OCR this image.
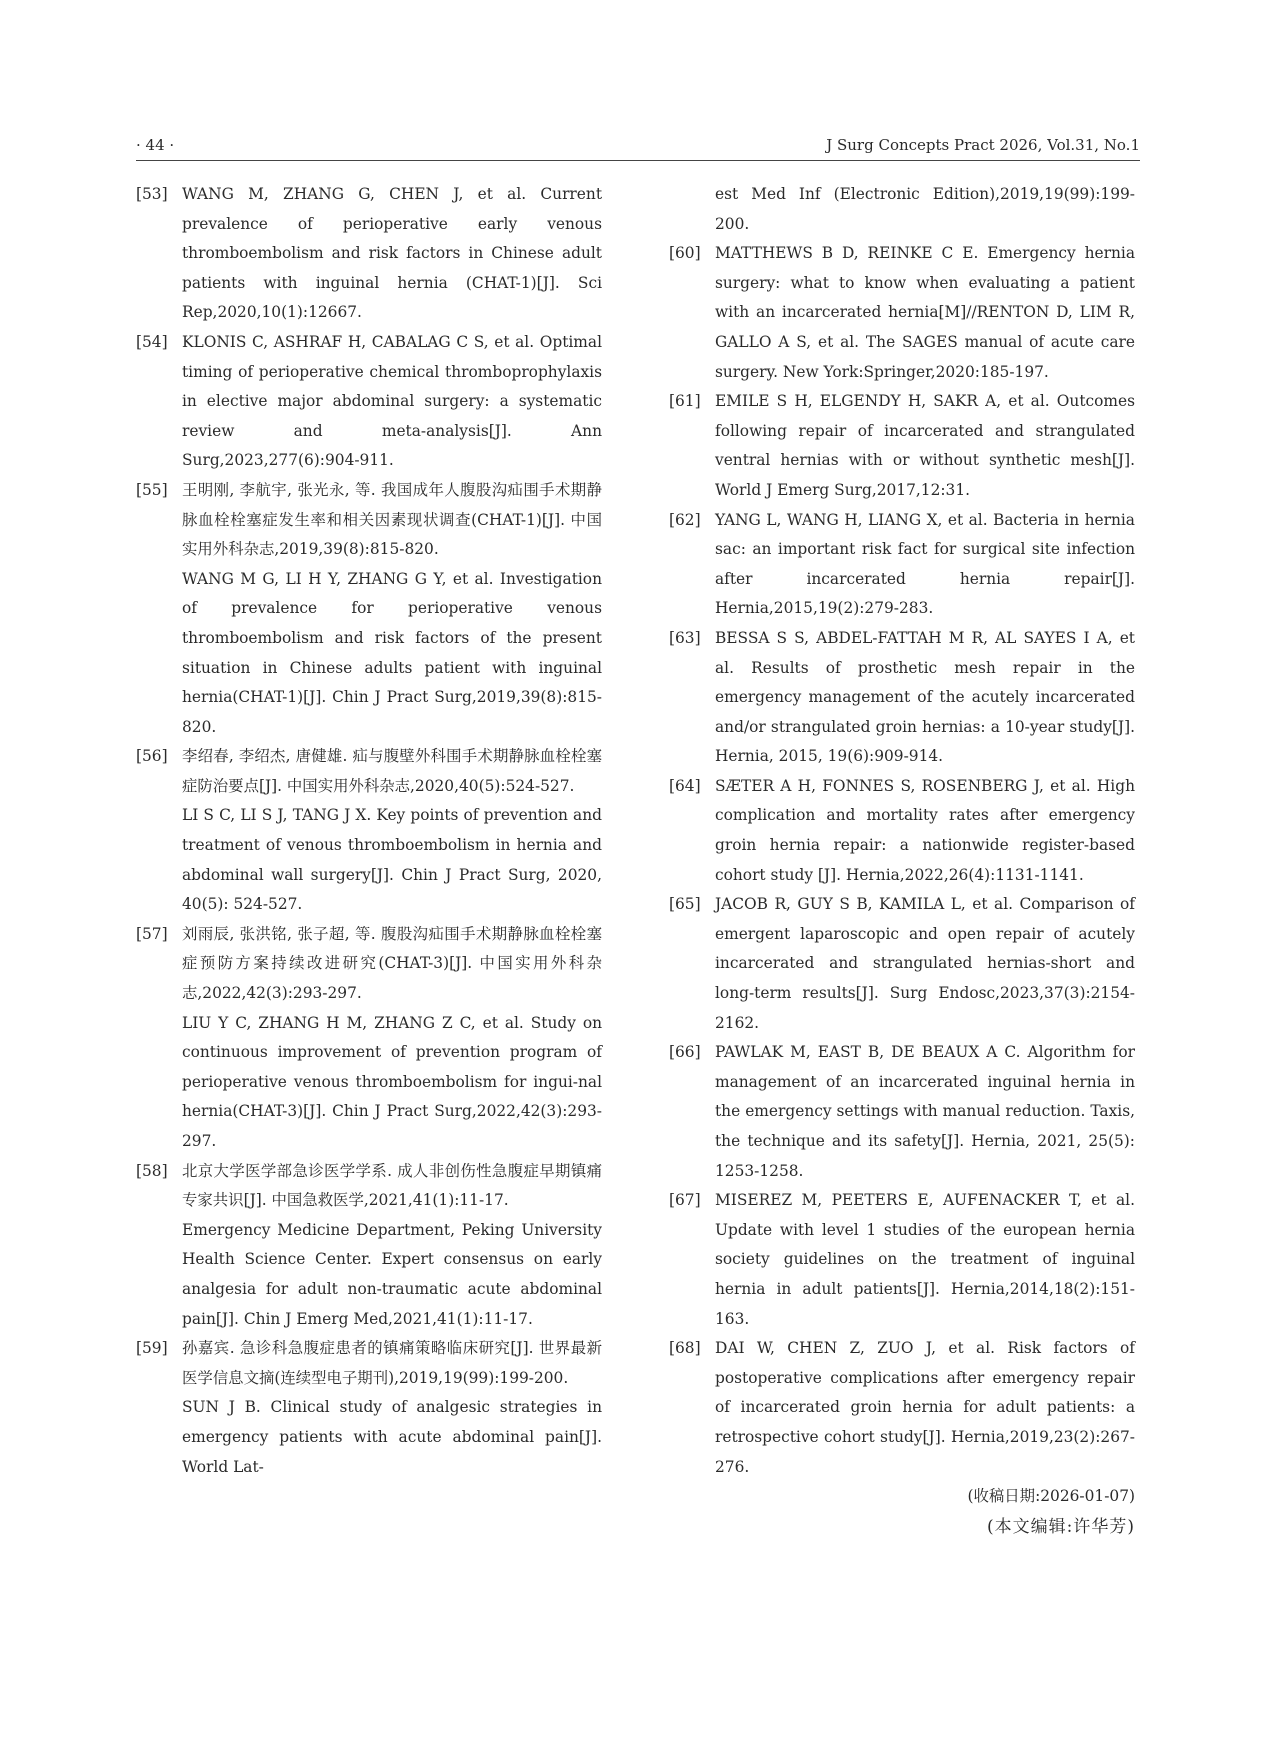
· 44 ·	J Surg Concepts Pract 2026, Vol.31, No.1
[53] WANG M, ZHANG G, CHEN J, et al. Current prevalence of perioperative early venous thromboembolism and risk factors in Chinese adult patients with inguinal hernia (CHAT-1)[J]. Sci Rep,2020,10(1):12667.
[54] KLONIS C, ASHRAF H, CABALAG C S, et al. Optimal timing of perioperative chemical thromboprophylaxis in elective major abdominal surgery: a systematic review and meta-analysis[J]. Ann Surg,2023,277(6):904-911.
[55] 王明刚, 李航宇, 张光永, 等. 我国成年人腹股沟疝围手术期静脉血栓栓塞症发生率和相关因素现状调查(CHAT-1)[J]. 中国实用外科杂志,2019,39(8):815-820.
WANG M G, LI H Y, ZHANG G Y, et al. Investigation of prevalence for perioperative venous thromboembolism and risk factors of the present situation in Chinese adults patient with inguinal hernia(CHAT-1)[J]. Chin J Pract Surg,2019,39(8):815-820.
[56] 李绍春, 李绍杰, 唐健雄. 疝与腹壁外科围手术期静脉血栓栓塞症防治要点[J]. 中国实用外科杂志,2020,40(5):524-527.
LI S C, LI S J, TANG J X. Key points of prevention and treatment of venous thromboembolism in hernia and abdominal wall surgery[J]. Chin J Pract Surg, 2020, 40(5): 524-527.
[57] 刘雨辰, 张洪铭, 张子超, 等. 腹股沟疝围手术期静脉血栓栓塞症预防方案持续改进研究(CHAT-3)[J]. 中国实用外科杂志,2022,42(3):293-297.
LIU Y C, ZHANG H M, ZHANG Z C, et al. Study on continuous improvement of prevention program of perioperative venous thromboembolism for ingui-nal hernia(CHAT-3)[J]. Chin J Pract Surg,2022,42(3):293-297.
[58] 北京大学医学部急诊医学学系. 成人非创伤性急腹症早期镇痛专家共识[J]. 中国急救医学,2021,41(1):11-17.
Emergency Medicine Department, Peking University Health Science Center. Expert consensus on early analgesia for adult non-traumatic acute abdominal pain[J]. Chin J Emerg Med,2021,41(1):11-17.
[59] 孙嘉宾. 急诊科急腹症患者的镇痛策略临床研究[J]. 世界最新医学信息文摘(连续型电子期刊),2019,19(99):199-200.
SUN J B. Clinical study of analgesic strategies in emergency patients with acute abdominal pain[J]. World Lat-
est Med Inf (Electronic Edition),2019,19(99):199-200.
[60] MATTHEWS B D, REINKE C E. Emergency hernia surgery: what to know when evaluating a patient with an incarcerated hernia[M]//RENTON D, LIM R, GALLO A S, et al. The SAGES manual of acute care surgery. New York:Springer,2020:185-197.
[61] EMILE S H, ELGENDY H, SAKR A, et al. Outcomes following repair of incarcerated and strangulated ventral hernias with or without synthetic mesh[J]. World J Emerg Surg,2017,12:31.
[62] YANG L, WANG H, LIANG X, et al. Bacteria in hernia sac: an important risk fact for surgical site infection after incarcerated hernia repair[J]. Hernia,2015,19(2):279-283.
[63] BESSA S S, ABDEL-FATTAH M R, AL SAYES I A, et al. Results of prosthetic mesh repair in the emergency management of the acutely incarcerated and/or strangulated groin hernias: a 10-year study[J]. Hernia, 2015, 19(6):909-914.
[64] SÆTER A H, FONNES S, ROSENBERG J, et al. High complication and mortality rates after emergency groin hernia repair: a nationwide register-based cohort study [J]. Hernia,2022,26(4):1131-1141.
[65] JACOB R, GUY S B, KAMILA L, et al. Comparison of emergent laparoscopic and open repair of acutely incarcerated and strangulated hernias-short and long-term results[J]. Surg Endosc,2023,37(3):2154-2162.
[66] PAWLAK M, EAST B, DE BEAUX A C. Algorithm for management of an incarcerated inguinal hernia in the emergency settings with manual reduction. Taxis, the technique and its safety[J]. Hernia, 2021, 25(5): 1253-1258.
[67] MISEREZ M, PEETERS E, AUFENACKER T, et al. Update with level 1 studies of the european hernia society guidelines on the treatment of inguinal hernia in adult patients[J]. Hernia,2014,18(2):151-163.
[68] DAI W, CHEN Z, ZUO J, et al. Risk factors of postoperative complications after emergency repair of incarcerated groin hernia for adult patients: a retrospective cohort study[J]. Hernia,2019,23(2):267-276.
(收稿日期:2026-01-07)
(本文编辑:许华芳)
